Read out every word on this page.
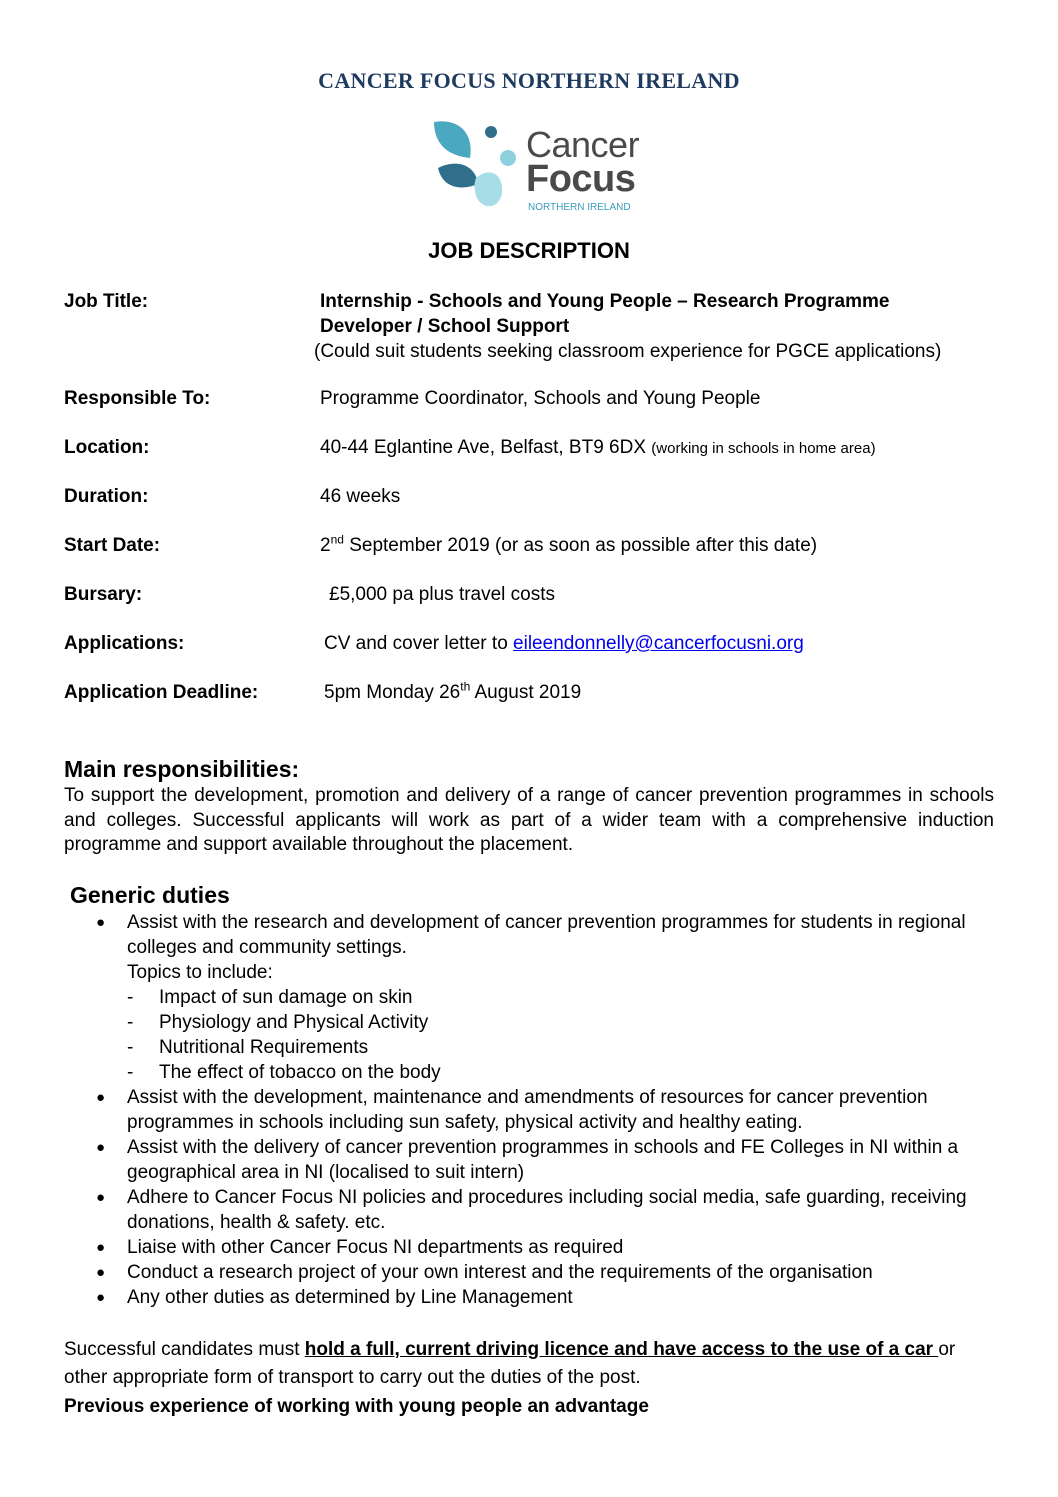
CANCER FOCUS NORTHERN IRELAND
Cancer
Focus
NORTHERN IRELAND
JOB DESCRIPTION
Job Title:	Internship - Schools and Young People – Research Programme
Developer / School Support
(Could suit students seeking classroom experience for PGCE applications)
Responsible To:	Programme Coordinator, Schools and Young People
Location:	40-44 Eglantine Ave, Belfast, BT9 6DX (working in schools in home area)
Duration:	46 weeks
Start Date:	2nd September 2019 (or as soon as possible after this date)
Bursary:	£5,000 pa plus travel costs
Applications:	CV and cover letter to eileendonnelly@cancerfocusni.org
Application Deadline:	5pm Monday 26th August 2019
Main responsibilities:
To support the development, promotion and delivery of a range of cancer prevention programmes in schools and colleges. Successful applicants will work as part of a wider team with a comprehensive induction programme and support available throughout the placement.
Generic duties
● Assist with the research and development of cancer prevention programmes for students in regional colleges and community settings.
Topics to include:
- Impact of sun damage on skin
- Physiology and Physical Activity
- Nutritional Requirements
- The effect of tobacco on the body
● Assist with the development, maintenance and amendments of resources for cancer prevention programmes in schools including sun safety, physical activity and healthy eating.
● Assist with the delivery of cancer prevention programmes in schools and FE Colleges in NI within a geographical area in NI (localised to suit intern)
● Adhere to Cancer Focus NI policies and procedures including social media, safe guarding, receiving donations, health & safety. etc.
● Liaise with other Cancer Focus NI departments as required
● Conduct a research project of your own interest and the requirements of the organisation
● Any other duties as determined by Line Management
Successful candidates must hold a full, current driving licence and have access to the use of a car or other appropriate form of transport to carry out the duties of the post.
Previous experience of working with young people an advantage
